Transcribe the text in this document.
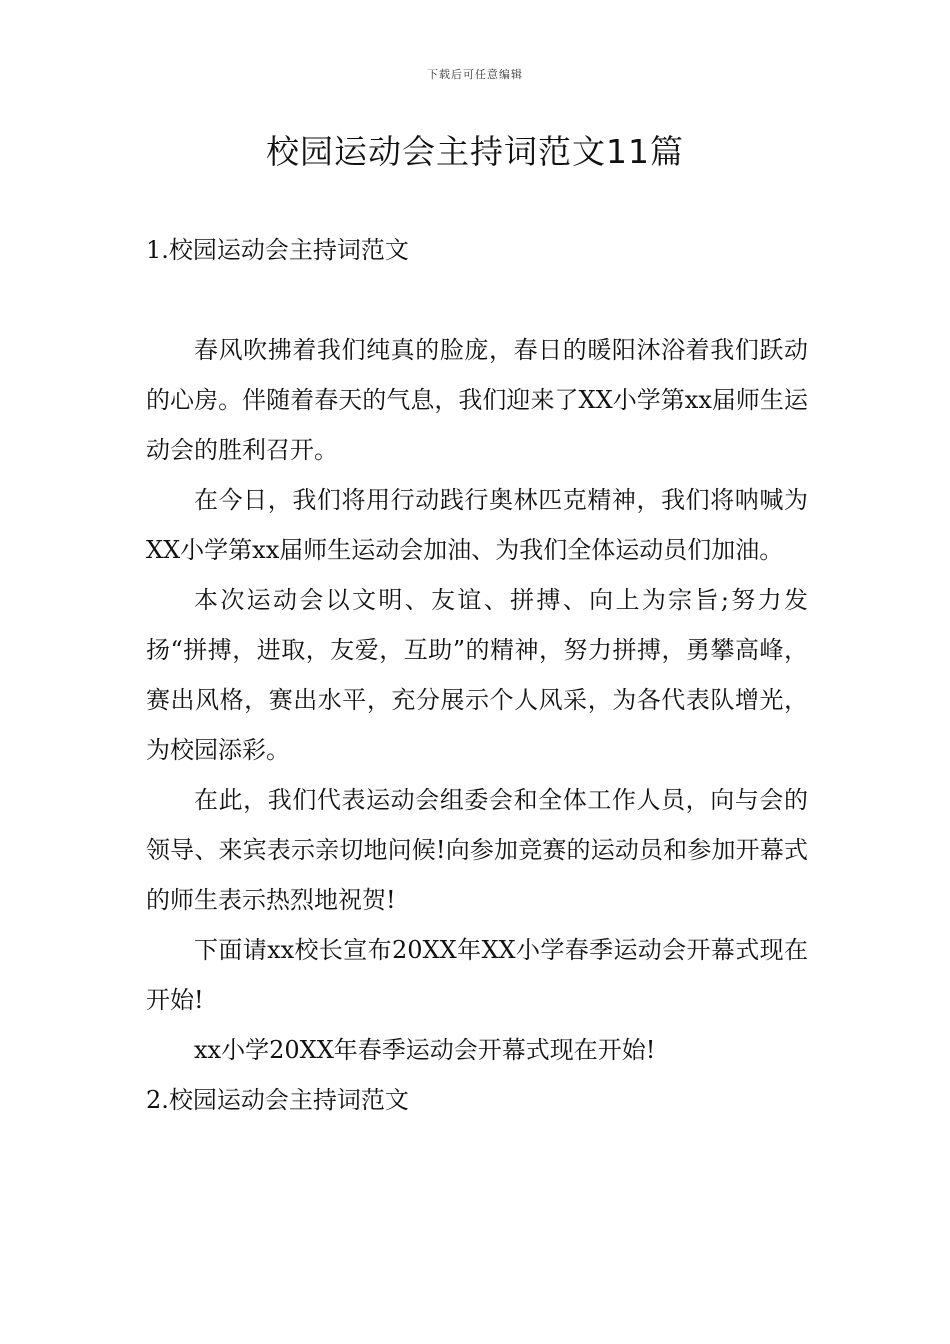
下载后可任意编辑
校园运动会主持词范文11篇
1.校园运动会主持词范文

春风吹拂着我们纯真的脸庞，春日的暖阳沐浴着我们跃动的心房。伴随着春天的气息，我们迎来了XX小学第xx届师生运动会的胜利召开。

在今日，我们将用行动践行奥林匹克精神，我们将呐喊为XX小学第xx届师生运动会加油、为我们全体运动员们加油。

本次运动会以文明、友谊、拼搏、向上为宗旨;努力发扬“拼搏，进取，友爱，互助”的精神，努力拼搏，勇攀高峰，赛出风格，赛出水平，充分展示个人风采，为各代表队增光，为校园添彩。

在此，我们代表运动会组委会和全体工作人员，向与会的领导、来宾表示亲切地问候!向参加竞赛的运动员和参加开幕式的师生表示热烈地祝贺!

下面请xx校长宣布20XX年XX小学春季运动会开幕式现在开始!

xx小学20XX年春季运动会开幕式现在开始!

2.校园运动会主持词范文
